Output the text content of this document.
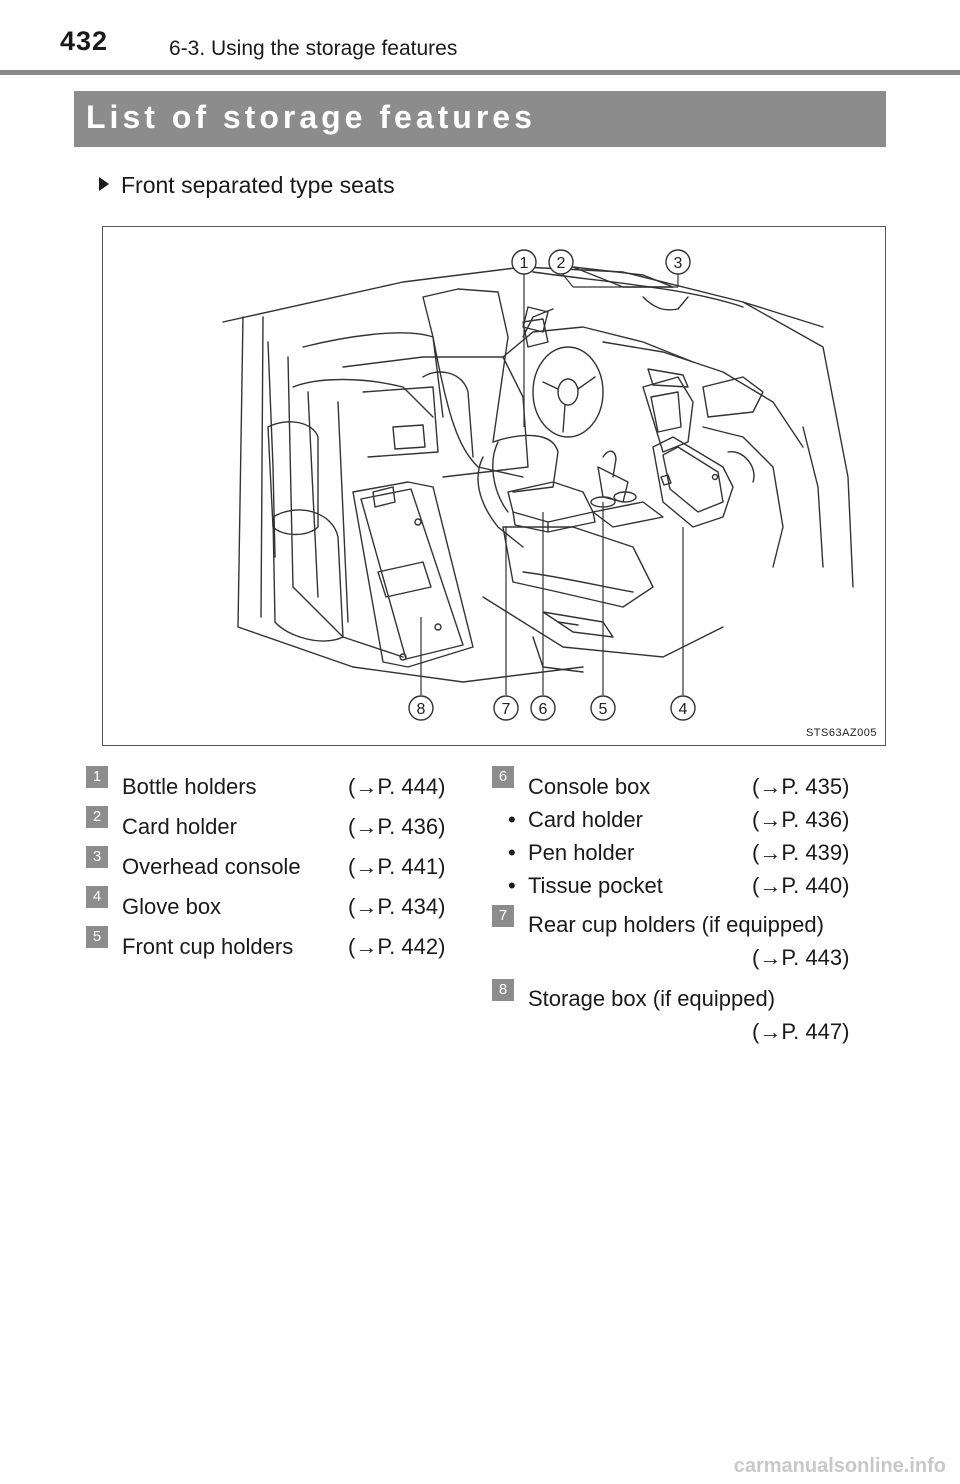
432	6-3. Using the storage features
List of storage features
Front separated type seats
1 2	3
4
5
6
7
8
STS63AZ005
1 Bottle holders	(→P. 444)
2 Card holder	(→P. 436)
3 Overhead console (→P. 441)
4 Glove box	(→P. 434)
5 Front cup holders (→P. 442)
6 Console box	(→P. 435)
•  Card holder	(→P. 436)
•  Pen holder	(→P. 439)
•  Tissue pocket	(→P. 440)
7 Rear cup holders (if equipped)
(→P. 443)
8 Storage box (if equipped)
(→P. 447)
carmanualsonline.info
